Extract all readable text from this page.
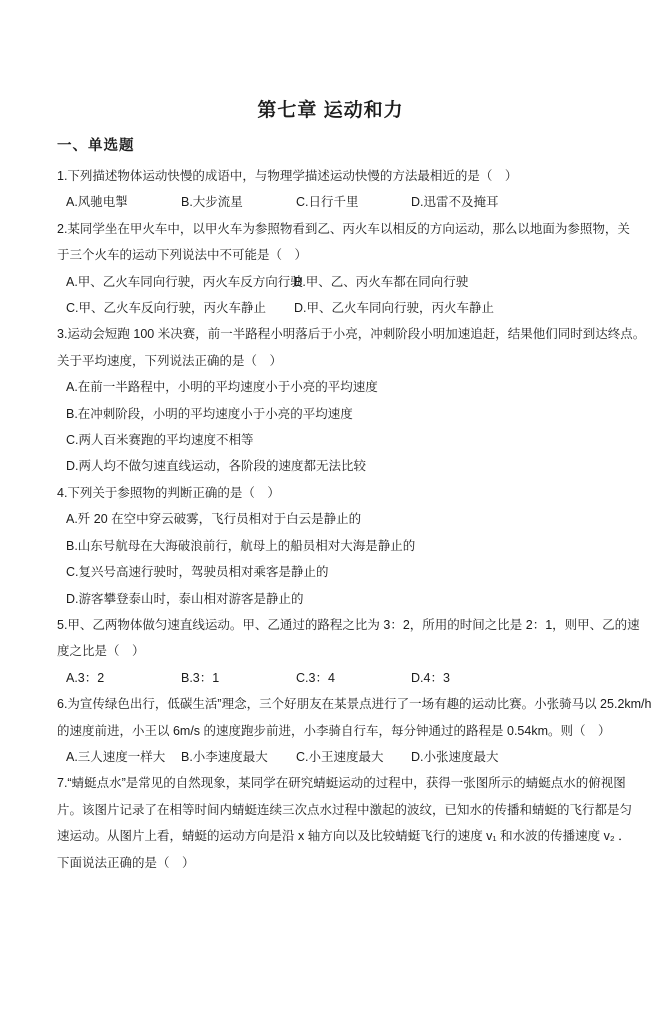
第七章 运动和力
一、单选题
1.下列描述物体运动快慢的成语中，与物理学描述运动快慢的方法最相近的是（　）
A.风驰电掣	B.大步流星	C.日行千里	D.迅雷不及掩耳
2.某同学坐在甲火车中，以甲火车为参照物看到乙、丙火车以相反的方向运动，那么以地面为参照物，关
于三个火车的运动下列说法中不可能是（　）
A.甲、乙火车同向行驶，丙火车反方向行驶B.甲、乙、丙火车都在同向行驶
C.甲、乙火车反向行驶，丙火车静止 D.甲、乙火车同向行驶，丙火车静止
3.运动会短跑 100 米决赛，前一半路程小明落后于小亮，冲刺阶段小明加速追赶，结果他们同时到达终点。
关于平均速度，下列说法正确的是（　）
A.在前一半路程中，小明的平均速度小于小亮的平均速度
B.在冲刺阶段，小明的平均速度小于小亮的平均速度
C.两人百米赛跑的平均速度不相等
D.两人均不做匀速直线运动，各阶段的速度都无法比较
4.下列关于参照物的判断正确的是（　）
A.歼 20 在空中穿云破雾，飞行员相对于白云是静止的
B.山东号航母在大海破浪前行，航母上的船员相对大海是静止的
C.复兴号高速行驶时，驾驶员相对乘客是静止的
D.游客攀登泰山时，泰山相对游客是静止的
5.甲、乙两物体做匀速直线运动。甲、乙通过的路程之比为 3：2，所用的时间之比是 2：1，则甲、乙的速
度之比是（　）
A.3：2	B.3：1	C.3：4	D.4：3
6.为宣传绿色出行，低碳生活”理念，三个好朋友在某景点进行了一场有趣的运动比赛。小张骑马以 25.2km/h
的速度前进，小王以 6m/s 的速度跑步前进，小李骑自行车，每分钟通过的路程是 0.54km。则（　）
A.三人速度一样大 B.小李速度最大 C.小王速度最大 D.小张速度最大
7.“蜻蜓点水”是常见的自然现象，某同学在研究蜻蜓运动的过程中，获得一张图所示的蜻蜓点水的俯视图
片。该图片记录了在相等时间内蜻蜓连续三次点水过程中激起的波纹，已知水的传播和蜻蜓的飞行都是匀
速运动。从图片上看，蜻蜓的运动方向是沿 x 轴方向以及比较蜻蜓飞行的速度 v₁ 和水波的传播速度 v₂ ．
下面说法正确的是（　）
